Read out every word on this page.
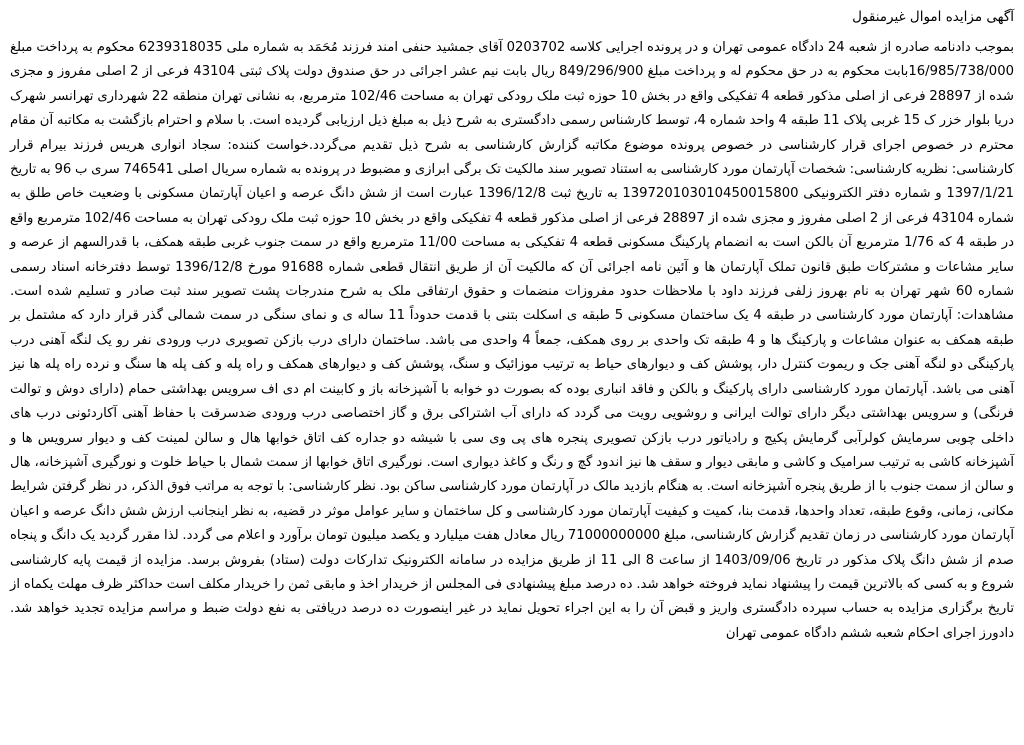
آگهی مزایده اموال غیرمنقول

بموجب دادنامه صادره از شعبه 24 دادگاه عمومی تهران و در پرونده اجرایی کلاسه 0203702 آقای جمشید حنفی امند فرزند مُحَمَد به شماره ملی 6239318035 محکوم به پرداخت مبلغ 16/985/738/000بابت محکوم به در حق محکوم له و پرداخت مبلغ 849/296/900 ریال بابت نیم عشر اجرائی در حق صندوق دولت پلاک ثبتی 43104 فرعی از 2 اصلی مفروز و مجزی شده از 28897 فرعی از اصلی مذکور قطعه 4 تفکیکی واقع در بخش 10 حوزه ثبت ملک رودکی تهران به مساحت 102/46 مترمربع، به نشانی تهران منطقه 22 شهرداری تهرانسر شهرک دریا بلوار خزر ک 15 غربی پلاک 11 طبقه 4 واحد شماره 4، توسط کارشناس رسمی دادگستری به شرح ذیل به مبلغ ذیل ارزیابی گردیده است. با سلام و احترام بازگشت به مکاتبه آن مقام محترم در خصوص اجرای قرار کارشناسی در خصوص پرونده موضوع مکاتبه گزارش کارشناسی به شرح ذیل تقدیم می‌گردد.خواست کننده: سجاد انواری هریس فرزند بیرام قرار کارشناسی: نظریه کارشناسی: شخصات آپارتمان مورد کارشناسی به استناد تصویر سند مالکیت تک برگی ابرازی و مضبوط در پرونده به شماره سریال اصلی 746541 سری ب 96 به تاریخ 1397/1/21 و شماره دفتر الکترونیکی 139720103010450015800 به تاریخ ثبت 1396/12/8 عبارت است از شش دانگ عرصه و اعیان آپارتمان مسکونی با وضعیت خاص طلق به شماره 43104 فرعی از 2 اصلی مفروز و مجزی شده از 28897 فرعی از اصلی مذکور قطعه 4 تفکیکی واقع در بخش 10 حوزه ثبت ملک رودکی تهران به مساحت 102/46 مترمربع واقع در طبقه 4 که 1/76 مترمربع آن بالکن است به انضمام پارکینگ مسکونی قطعه 4 تفکیکی به مساحت 11/00 مترمربع واقع در سمت جنوب غربی طبقه همکف، با قدرالسهم از عرصه و سایر مشاعات و مشترکات طبق قانون تملک آپارتمان ها و آئین نامه اجرائی آن که مالکیت آن از طریق انتقال قطعی شماره 91688 مورخ 1396/12/8 توسط دفترخانه اسناد رسمی شماره 60 شهر تهران به نام بهروز زلفی فرزند داود با ملاحظات حدود مفروزات منضمات و حقوق ارتفاقی ملک به شرح مندرجات پشت تصویر سند ثبت صادر و تسلیم شده است. مشاهدات: آپارتمان مورد کارشناسی در طبقه 4 یک ساختمان مسکونی 5 طبقه ی اسکلت بتنی با قدمت حدوداً 11 ساله ی و نمای سنگی در سمت شمالی گذر قرار دارد که مشتمل بر طبقه همکف به عنوان مشاعات و پارکینگ ها و 4 طبقه تک واحدی بر روی همکف، جمعاً 4 واحدی می باشد. ساختمان دارای درب بازکن تصویری درب ورودی نفر رو یک لنگه آهنی درب پارکینگی دو لنگه آهنی جک و ریموت کنترل دار، پوشش کف و دیوارهای حیاط به ترتیب موزائیک و سنگ، پوشش کف و دیوارهای همکف و راه پله و کف پله ها سنگ و نرده راه پله ها نیز آهنی می باشد. آپارتمان مورد کارشناسی دارای پارکینگ و بالکن و فاقد انباری بوده که بصورت دو خوابه با آشپزخانه باز و کابینت ام دی اف سرویس بهداشتی حمام (دارای دوش و توالت فرنگی) و سرویس بهداشتی دیگر دارای توالت ایرانی و روشویی رویت می گردد که دارای آب اشتراکی برق و گاز اختصاصی درب ورودی ضدسرقت با حفاظ آهنی آکاردئونی درب های داخلی چوبی سرمایش کولرآبی گرمایش پکیج و رادیاتور درب بازکن تصویری پنجره های پی وی سی با شیشه دو جداره کف اتاق خوابها هال و سالن لمینت کف و دیوار سرویس ها و آشپزخانه کاشی به ترتیب سرامیک و کاشی و مابقی دیوار و سقف ها نیز اندود گچ و رنگ و کاغذ دیواری است. نورگیری اتاق خوابها از سمت شمال با حیاط خلوت و نورگیری آشپزخانه، هال و سالن از سمت جنوب با از طریق پنجره آشپزخانه است. به هنگام بازدید مالک در آپارتمان مورد کارشناسی ساکن بود. نظر کارشناسی: با توجه به مراتب فوق الذکر، در نظر گرفتن شرایط مکانی، زمانی، وقوع طبقه، تعداد واحدها، قدمت بنا، کمیت و کیفیت آپارتمان مورد کارشناسی و کل ساختمان و سایر عوامل موثر در قضیه، به نظر اینجانب ارزش شش دانگ عرصه و اعیان آپارتمان مورد کارشناسی در زمان تقدیم گزارش کارشناسی، مبلغ 71000000000 ریال معادل هفت میلیارد و یکصد میلیون تومان برآورد و اعلام می گردد. لذا مقرر گردید یک دانگ و پنجاه صدم از شش دانگ پلاک مذکور در تاریخ 1403/09/06 از ساعت 8 الی 11 از طریق مزایده در سامانه الکترونیک تدارکات دولت (ستاد) بفروش برسد. مزایده از قیمت پایه کارشناسی شروع و به کسی که بالاترین قیمت را پیشنهاد نماید فروخته خواهد شد. ده درصد مبلغ پیشنهادی فی المجلس از خریدار اخذ و مابقی ثمن را خریدار مکلف است حداکثر ظرف مهلت یکماه از تاریخ برگزاری مزایده به حساب سپرده دادگستری واریز و قبض آن را به این اجراء تحویل نماید در غیر اینصورت ده درصد دریافتی به نفع دولت ضبط و مراسم مزایده تجدید خواهد شد. دادورز اجرای احکام شعبه ششم دادگاه عمومی تهران
